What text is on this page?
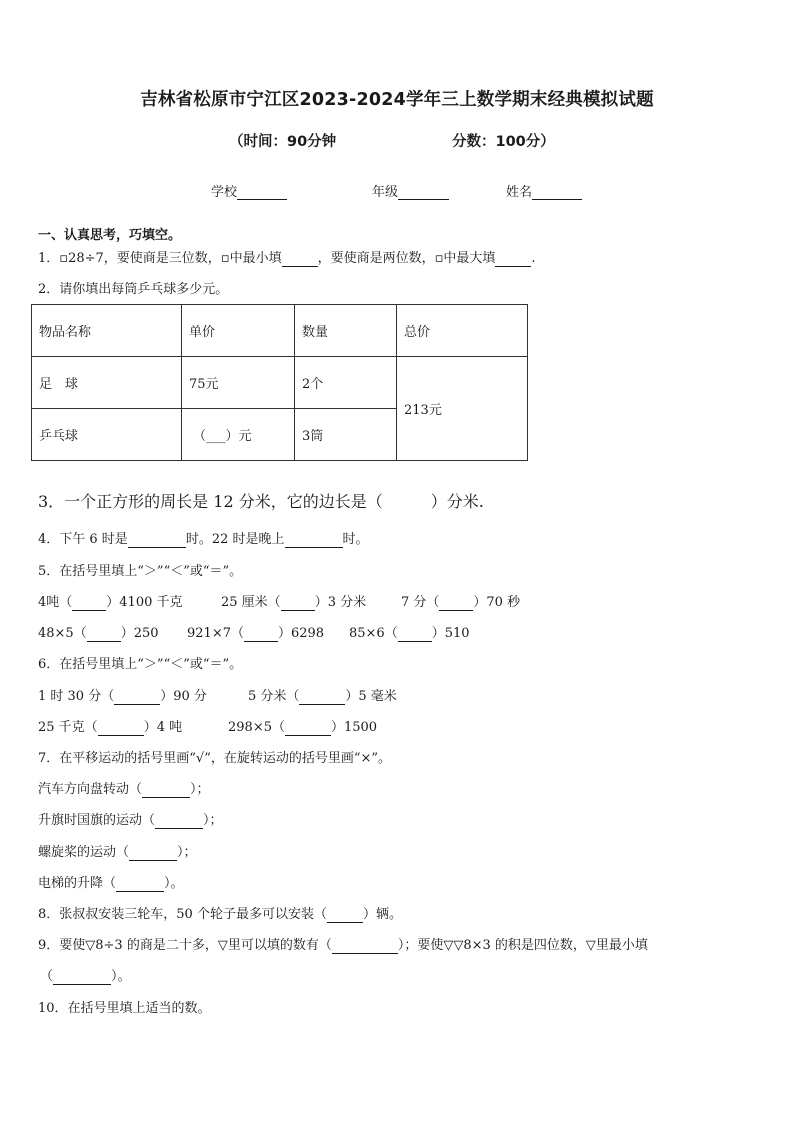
吉林省松原市宁江区2023-2024学年三上数学期末经典模拟试题
（时间：90分钟	分数：100分）
学校	年级	姓名
一、认真思考，巧填空。
1．▫28÷7，要使商是三位数，▫中最小填	，要使商是两位数，▫中最大填	.
2．请你填出每筒乒乓球多少元。
物品名称	单价	数量	总价
足　球	75元	2个	213元
乒乓球	（___）元	3筒	
3．一个正方形的周长是 12 分米，它的边长是（	）分米.
4．下午 6 时是	时。22 时是晚上	时。
5．在括号里填上“＞”“＜”或“＝”。
4吨（	）4100 千克	25 厘米（	）3 分米	7 分（	）70 秒
48×5（	）250 921×7（	）6298 85×6（	）510
6．在括号里填上“＞”“＜”或“＝”。
1 时 30 分（	）90 分	5 分米（	）5 毫米
25 千克（	）4 吨	298×5（	）1500
7．在平移运动的括号里画“√”，在旋转运动的括号里画“×”。
汽车方向盘转动（	）；
升旗时国旗的运动（	）；
螺旋桨的运动（	）；
电梯的升降（	）。
8．张叔叔安装三轮车，50 个轮子最多可以安装（	）辆。
9．要使▽8÷3 的商是二十多，▽里可以填的数有（	）；要使▽▽8×3 的积是四位数，▽里最小填
（	）。
10．在括号里填上适当的数。
